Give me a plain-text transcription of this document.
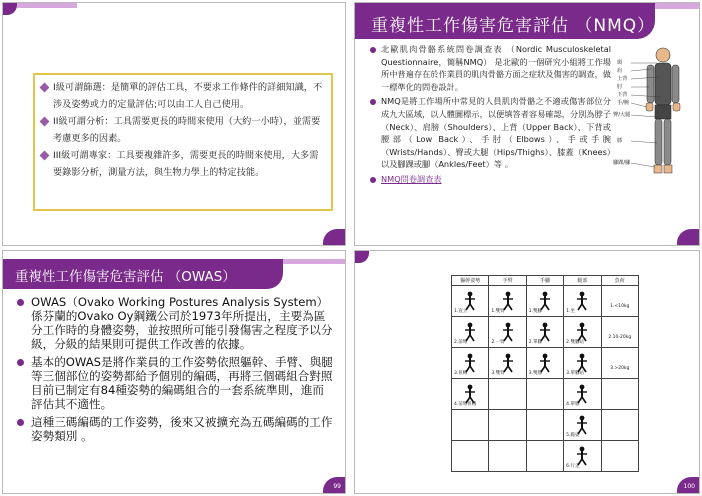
I級可謂篩選：是簡單的評估工具，不要求工作條件的詳細知識，不涉及姿勢或力的定量評估;可以由工人自己使用。
II級可謂分析：工具需要更長的時間來使用（大約一小時），並需要考慮更多的因素。
III級可謂專家：工具要複雜許多，需要更長的時間來使用，大多需要錄影分析，測量方法，與生物力學上的特定技能。
重複性工作傷害危害評估 （NMQ）
北歐肌肉骨骼系統問卷調查表 （Nordic Musculoskeletal Questionnaire，簡稱NMQ） 是北歐的一個研究小組將工作場所中普遍存在於作業員的肌肉骨骼方面之症狀及傷害的調查，做一標準化的問卷設計。
NMQ是將工作場所中常見的人員肌肉骨骼之不適或傷害部位分成九大區域，以人體圖標示，以便填答者容易確認，分別為脖子（Neck）、肩膀（Shoulders）、上背（Upper Back）、下背或腰部（Low Back）、手肘（Elbows）、手或手腕（Wrists/Hands）、臀或大腿（Hips/Thighs）、膝蓋（Knees）以及腳踝或腳（Ankles/Feet）等 。
NMQ問卷調查表
頸
肩
上背
肘
下背
手/腕
臀/大腿
膝
腳踝/腳
重複性工作傷害危害評估 （OWAS）
OWAS（Ovako Working Postures Analysis System）係芬蘭的Ovako Oy鋼鐵公司於1973年所提出，主要為區分工作時的身體姿勢，並按照所可能引發傷害之程度予以分級，分級的結果則可提供工作改善的依據。
基本的OWAS是將作業員的工作姿勢依照軀幹、手臂、與腿等三個部位的姿勢都給予個別的編碼，再將三個碼組合對照目前已制定有84種姿勢的編碼組合的一套系統準則，進而評估其不適性。
這種三碼編碼的工作姿勢，後來又被擴充為五碼編碼的工作姿勢類別 。
99
軀幹姿勢	手臂	手腳	腿部	負荷

1.直立	1.雙臂	1.雙腳	1.坐	1.<10kg

2.前彎	2.一臂	2.單腳	2.雙腳站	2.10-20kg

3.扭轉	3.雙臂	3.雙膝	3.單腳站	3.>20kg

4.前彎扭轉			4.單膝	

			5.跪姿	

			6.行走	

100
